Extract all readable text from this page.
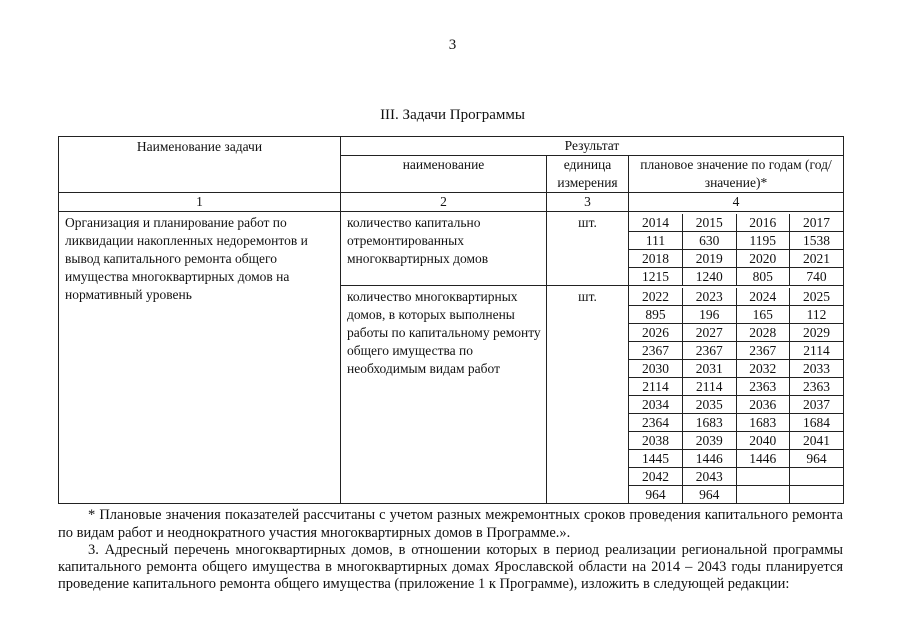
3
III. Задачи Программы
Наименование задачи	Результат
наименование	единица измерения	плановое значение по годам (год/значение)*
1	2	3	4
Организация и планирование работ по ликвидации накопленных недоремонтов и вывод капитального ремонта общего имущества многоквартирных домов на нормативный уровень	количество капитально отремонтированных многоквартирных домов	шт.		2014	2015	2016	2017
111	630	1195	1538
2018	2019	2020	2021
1215	1240	805	740

количество многоквартирных домов, в которых выполнены работы по капитальному ремонту общего имущества по необходимым видам работ	шт.		2022	2023	2024	2025
895	196	165	112
2026	2027	2028	2029
2367	2367	2367	2114
2030	2031	2032	2033
2114	2114	2363	2363
2034	2035	2036	2037
2364	1683	1683	1684
2038	2039	2040	2041
1445	1446	1446	964
2042	2043		
964	964		
* Плановые значения показателей рассчитаны с учетом разных межремонтных сроков проведения капитального ремонта по видам работ и неоднократного участия многоквартирных домов в Программе.».
3. Адресный перечень многоквартирных домов, в отношении которых в период реализации региональной программы капитального ремонта общего имущества в многоквартирных домах Ярославской области на 2014 – 2043 годы планируется проведение капитального ремонта общего имущества (приложение 1 к Программе), изложить в следующей редакции:
